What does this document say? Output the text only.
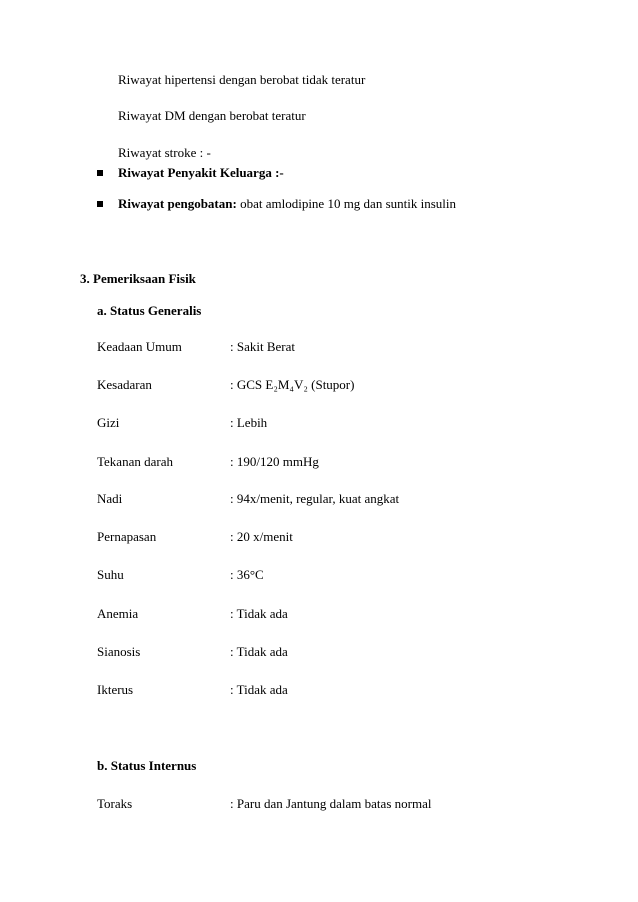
Riwayat hipertensi dengan berobat tidak teratur
Riwayat DM dengan berobat teratur
Riwayat stroke : -
Riwayat Penyakit Keluarga :-
Riwayat pengobatan: obat amlodipine 10 mg dan suntik insulin
3. Pemeriksaan Fisik
a. Status Generalis
Keadaan Umum	: Sakit Berat
Kesadaran	: GCS E₂M₄V₂ (Stupor)
Gizi	: Lebih
Tekanan darah	: 190/120 mmHg
Nadi	: 94x/menit, regular, kuat angkat
Pernapasan	: 20 x/menit
Suhu	: 36°C
Anemia	: Tidak ada
Sianosis	: Tidak ada
Ikterus	: Tidak ada
b. Status Internus
Toraks	: Paru dan Jantung dalam batas normal
